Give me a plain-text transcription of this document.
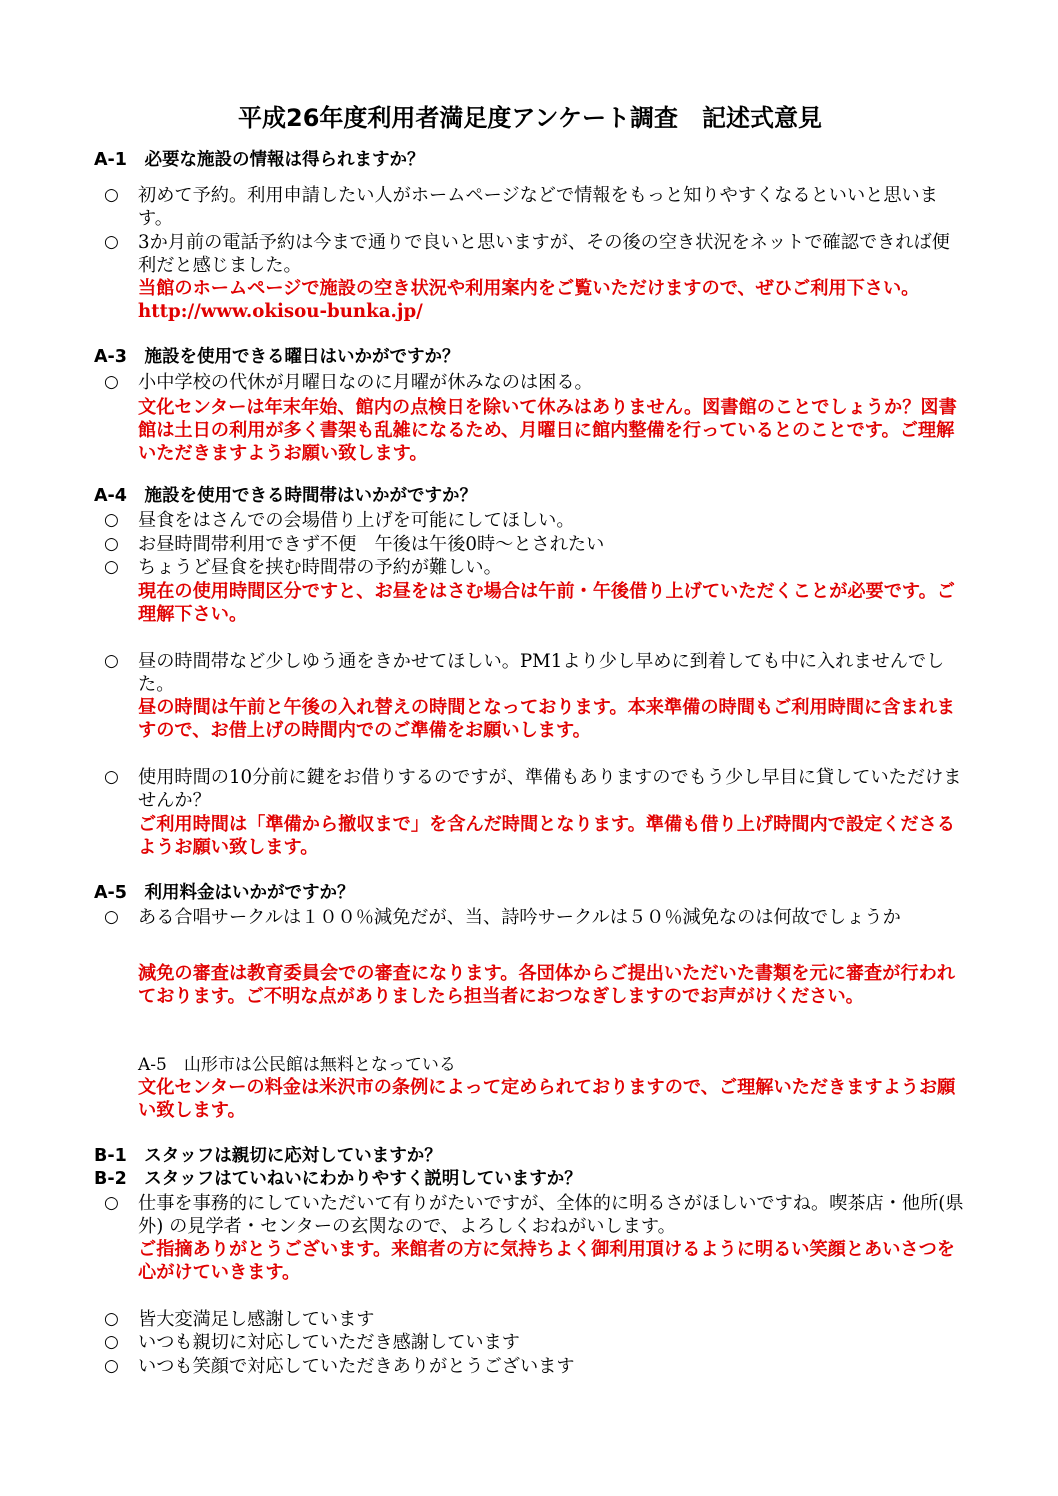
平成26年度利用者満足度アンケート調査　記述式意見
A-1　必要な施設の情報は得られますか？
○	初めて予約。利用申請したい人がホームページなどで情報をもっと知りやすくなるといいと思います。
○	3か月前の電話予約は今まで通りで良いと思いますが、その後の空き状況をネットで確認できれば便利だと感じました。
当館のホームページで施設の空き状況や利用案内をご覧いただけますので、ぜひご利用下さい。http://www.okisou-bunka.jp/
A-3　施設を使用できる曜日はいかがですか？
○	小中学校の代休が月曜日なのに月曜が休みなのは困る。
文化センターは年末年始、館内の点検日を除いて休みはありません。図書館のことでしょうか？図書館は土日の利用が多く書架も乱雑になるため、月曜日に館内整備を行っているとのことです。ご理解いただきますようお願い致します。
A-4　施設を使用できる時間帯はいかがですか？
○	昼食をはさんでの会場借り上げを可能にしてほしい。
○	お昼時間帯利用できず不便　午後は午後0時～とされたい
○	ちょうど昼食を挟む時間帯の予約が難しい。
現在の使用時間区分ですと、お昼をはさむ場合は午前・午後借り上げていただくことが必要です。ご理解下さい。
○	昼の時間帯など少しゆう通をきかせてほしい。PM1より少し早めに到着しても中に入れませんでした。
昼の時間は午前と午後の入れ替えの時間となっております。本来準備の時間もご利用時間に含まれますので、お借上げの時間内でのご準備をお願いします。
○	使用時間の10分前に鍵をお借りするのですが、準備もありますのでもう少し早目に貸していただけませんか？
ご利用時間は「準備から撤収まで」を含んだ時間となります。準備も借り上げ時間内で設定くださるようお願い致します。
A-5　利用料金はいかがですか？
○	ある合唱サークルは１００％減免だが、当、詩吟サークルは５０％減免なのは何故でしょうか
減免の審査は教育委員会での審査になります。各団体からご提出いただいた書類を元に審査が行われております。ご不明な点がありましたら担当者におつなぎしますのでお声がけください。
A-5　山形市は公民館は無料となっている
文化センターの料金は米沢市の条例によって定められておりますので、ご理解いただきますようお願い致します。
B-1　スタッフは親切に応対していますか？
B-2　スタッフはていねいにわかりやすく説明していますか？
○	仕事を事務的にしていただいて有りがたいですが、全体的に明るさがほしいですね。喫茶店・他所(県外) の見学者・センターの玄関なので、よろしくおねがいします。
ご指摘ありがとうございます。来館者の方に気持ちよく御利用頂けるように明るい笑顔とあいさつを心がけていきます。
○	皆大変満足し感謝しています
○	いつも親切に対応していただき感謝しています
○	いつも笑顔で対応していただきありがとうございます
